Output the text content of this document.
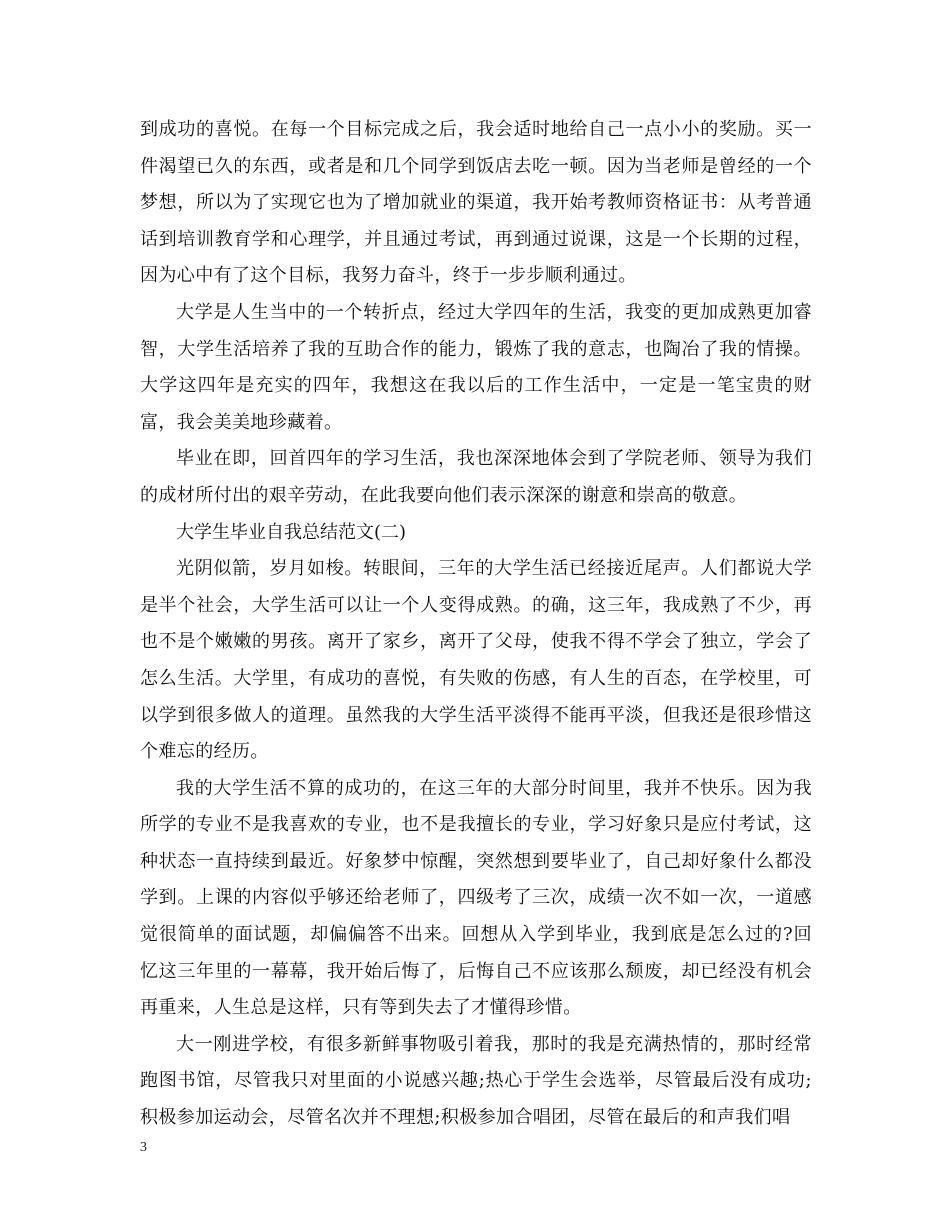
到成功的喜悦。在每一个目标完成之后，我会适时地给自己一点小小的奖励。买一件渴望已久的东西，或者是和几个同学到饭店去吃一顿。因为当老师是曾经的一个梦想，所以为了实现它也为了增加就业的渠道，我开始考教师资格证书：从考普通话到培训教育学和心理学，并且通过考试，再到通过说课，这是一个长期的过程，因为心中有了这个目标，我努力奋斗，终于一步步顺利通过。

大学是人生当中的一个转折点，经过大学四年的生活，我变的更加成熟更加睿智，大学生活培养了我的互助合作的能力，锻炼了我的意志，也陶冶了我的情操。大学这四年是充实的四年，我想这在我以后的工作生活中，一定是一笔宝贵的财富，我会美美地珍藏着。

毕业在即，回首四年的学习生活，我也深深地体会到了学院老师、领导为我们的成材所付出的艰辛劳动，在此我要向他们表示深深的谢意和崇高的敬意。

大学生毕业自我总结范文(二)

光阴似箭，岁月如梭。转眼间，三年的大学生活已经接近尾声。人们都说大学是半个社会，大学生活可以让一个人变得成熟。的确，这三年，我成熟了不少，再也不是个嫩嫩的男孩。离开了家乡，离开了父母，使我不得不学会了独立，学会了怎么生活。大学里，有成功的喜悦，有失败的伤感，有人生的百态，在学校里，可以学到很多做人的道理。虽然我的大学生活平淡得不能再平淡，但我还是很珍惜这个难忘的经历。

我的大学生活不算的成功的，在这三年的大部分时间里，我并不快乐。因为我所学的专业不是我喜欢的专业，也不是我擅长的专业，学习好象只是应付考试，这种状态一直持续到最近。好象梦中惊醒，突然想到要毕业了，自己却好象什么都没学到。上课的内容似乎够还给老师了，四级考了三次，成绩一次不如一次，一道感觉很简单的面试题，却偏偏答不出来。回想从入学到毕业，我到底是怎么过的?回忆这三年里的一幕幕，我开始后悔了，后悔自己不应该那么颓废，却已经没有机会再重来，人生总是这样，只有等到失去了才懂得珍惜。

大一刚进学校，有很多新鲜事物吸引着我，那时的我是充满热情的，那时经常跑图书馆，尽管我只对里面的小说感兴趣;热心于学生会选举，尽管最后没有成功;积极参加运动会，尽管名次并不理想;积极参加合唱团，尽管在最后的和声我们唱

3
